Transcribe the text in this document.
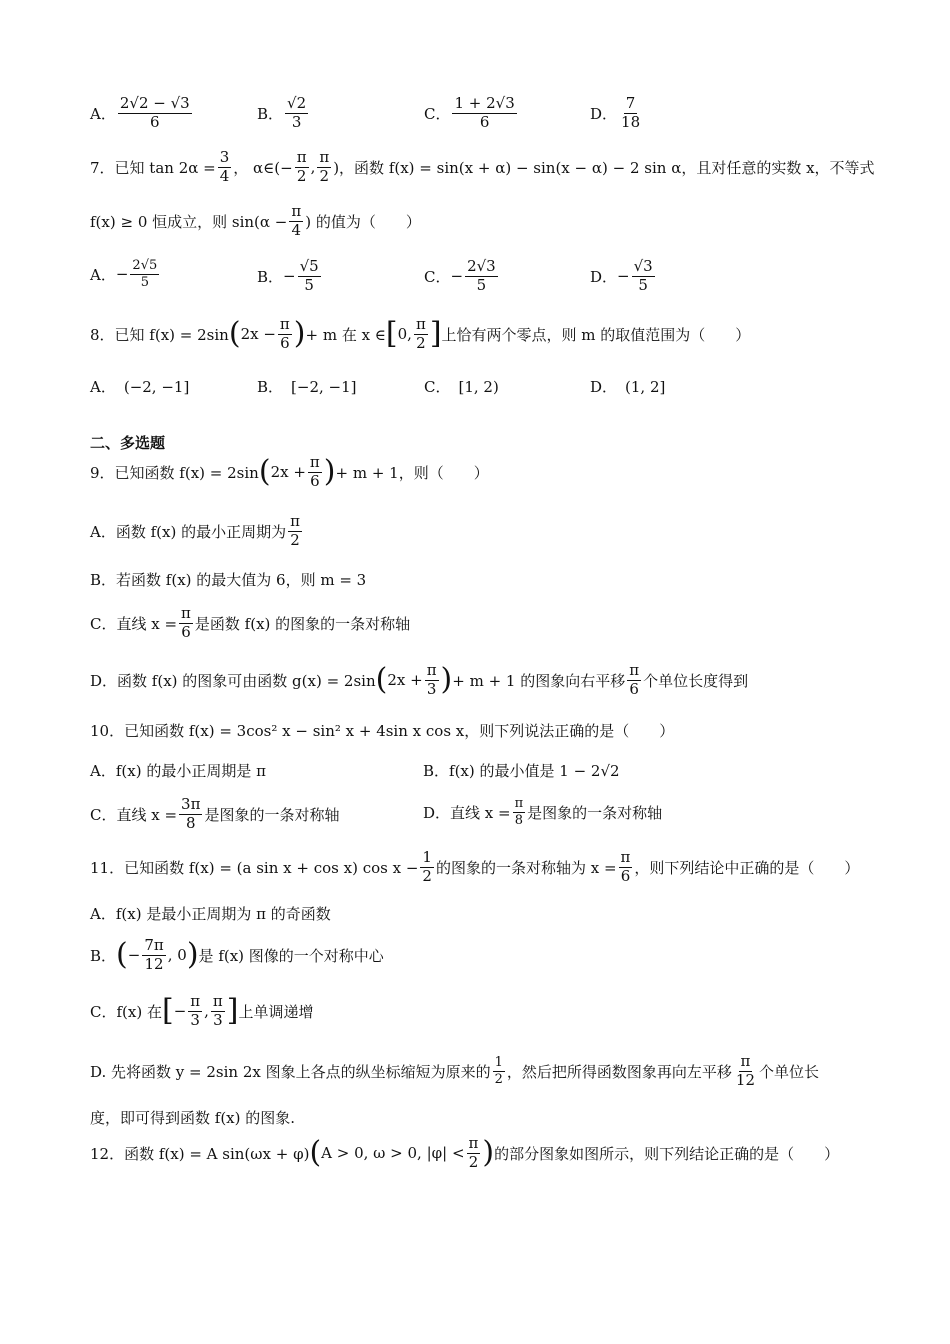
A． $\frac{2√2 - √3}{6}$	B． $\frac{√2}{3}$	C． $\frac{1 + 2√3}{6}$	D． $\frac{7}{18}$
7．已知 $\tan 2\alpha = \frac{3}{4}$ ， α∈(− $\frac{\pi}{2}$ , $\frac{\pi}{2}$ )，函数 f(x) = sin(x + α) − sin(x − α) − 2 sin α，且对任意的实数 x，不等式
f(x) ≥ 0 恒成立，则 $\sin(\alpha - \frac{\pi}{4}$ ) 的值为（　　）
A． − $\frac{2√5}{5}$	B． − $\frac{√5}{5}$	C． − $\frac{2√3}{5}$	D． − $\frac{√3}{5}$
8．已知 f(x) = 2sin ( $2x - \frac{\pi}{6}$ ) + m 在 x ∈ [ 0, $\frac{\pi}{2}$ ] 上恰有两个零点，则 m 的取值范围为（　　）
A． (−2, −1]	B． [−2, −1]	C． [1, 2)	D． (1, 2]
二、多选题
9．已知函数 f(x) = 2sin ( $2x + \frac{\pi}{6}$ ) + m + 1，则（　　）
A．函数 f(x) 的最小正周期为 $\frac{\pi}{2}$
B．若函数 f(x) 的最大值为 6，则 m = 3
C．直线 $x = \frac{\pi}{6}$ 是函数 f(x) 的图象的一条对称轴
D．函数 f(x) 的图象可由函数 g(x) = 2sin ( $2x + \frac{\pi}{3}$ ) + m + 1 的图象向右平移 $\frac{\pi}{6}$ 个单位长度得到
10．已知函数 f(x) = 3cos² x − sin² x + 4sin x cos x，则下列说法正确的是（　　）
A．f(x) 的最小正周期是 π	B．f(x) 的最小值是 1 − 2√2
C．直线 $x = \frac{3\pi}{8}$ 是图象的一条对称轴	D．直线 $x = \frac{\pi}{8}$ 是图象的一条对称轴
11．已知函数 f(x) = (a sin x + cos x) $\cos x - \frac{1}{2}$ 的图象的一条对称轴为 $x = \frac{\pi}{6}$ ，则下列结论中正确的是（　　）
A．f(x) 是最小正周期为 π 的奇函数
B． ( − $\frac{7\pi}{12}$ , 0 ) 是 f(x) 图像的一个对称中心
C．f(x) 在 [ − $\frac{\pi}{3}$ , $\frac{\pi}{3}$ ] 上单调递增
D. 先将函数 y = 2sin 2x 图象上各点的纵坐标缩短为原来的 $\frac{1}{2}$ ，然后把所得函数图象再向左平移 $\frac{\pi}{12}$ 个单位长
度，即可得到函数 f(x) 的图象.
12．函数 f(x) = A sin(ωx + φ) ( A > 0, ω > 0, $|\varphi| < \frac{\pi}{2}$ ) 的部分图象如图所示，则下列结论正确的是（　　）
